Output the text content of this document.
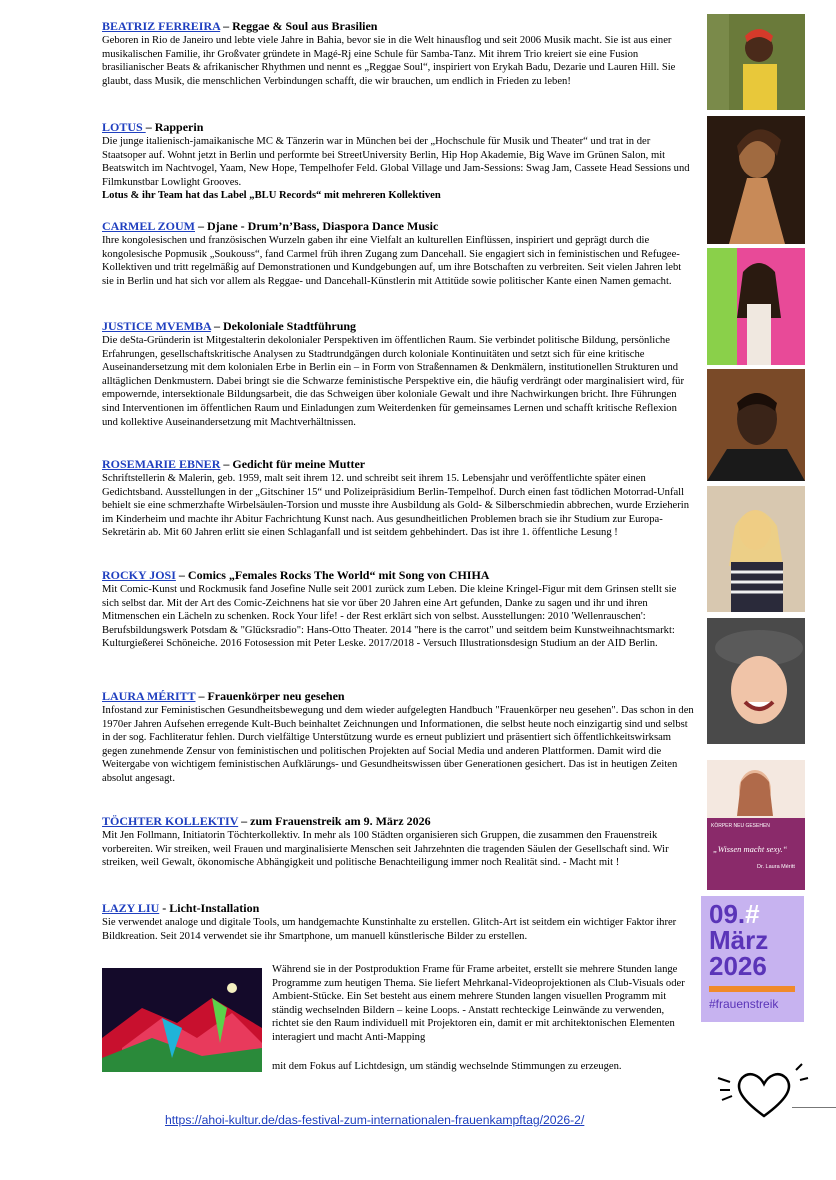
BEATRIZ FERREIRA – Reggae & Soul aus Brasilien

Geboren in Rio de Janeiro und lebte viele Jahre in Bahia, bevor sie in die Welt hinausflog und seit 2006 Musik macht. Sie ist aus einer musikalischen Familie, ihr Großvater gründete in Magé-Rj eine Schule für Samba-Tanz. Mit ihrem Trio kreiert sie eine Fusion brasilianischer Beats & afrikanischer Rhythmen und nennt es „Reggae Soul“, inspiriert von Erykah Badu, Dezarie und Lauren Hill. Sie glaubt, dass Musik, die menschlichen Verbindungen schafft, die wir brauchen, um endlich in Frieden zu leben!

LOTUS – Rapperin

Die junge italienisch-jamaikanische MC & Tänzerin war in München bei der „Hochschule für Musik und Theater“ und trat in der Staatsoper auf. Wohnt jetzt in Berlin und performte bei StreetUniversity Berlin, Hip Hop Akademie, Big Wave im Grünen Salon, mit Beatswitch im Nachtvogel, Yaam, New Hope, Tempelhofer Feld. Global Village und Jam-Sessions: Swag Jam, Cassete Head Sessions und Filmkunstbar Lowlight Grooves.

Lotus & ihr Team hat das Label „BLU Records“ mit mehreren Kollektiven

CARMEL ZOUM – Djane - Drum’n’Bass, Diaspora Dance Music

Ihre kongolesischen und französischen Wurzeln gaben ihr eine Vielfalt an kulturellen Einflüssen, inspiriert und geprägt durch die kongolesische Popmusik „Soukouss“, fand Carmel früh ihren Zugang zum Dancehall. Sie engagiert sich in feministischen und Refugee-Kollektiven und tritt regelmäßig auf Demonstrationen und Kundgebungen auf, um ihre Botschaften zu verbreiten. Seit vielen Jahren lebt sie in Berlin und hat sich vor allem als Reggae- und Dancehall-Künstlerin mit Attitüde sowie politischer Kante einen Namen gemacht.

JUSTICE MVEMBA – Dekoloniale Stadtführung

Die deSta-Gründerin ist Mitgestalterin dekolonialer Perspektiven im öffentlichen Raum. Sie verbindet politische Bildung, persönliche Erfahrungen, gesellschaftskritische Analysen zu Stadtrundgängen durch koloniale Kontinuitäten und setzt sich für eine kritische Auseinandersetzung mit dem kolonialen Erbe in Berlin ein – in Form von Straßennamen & Denkmälern, institutionellen Strukturen und alltäglichen Denkmustern. Dabei bringt sie die Schwarze feministische Perspektive ein, die häufig verdrängt oder marginalisiert wird, für empowernde, intersektionale Bildungsarbeit, die das Schweigen über koloniale Gewalt und ihre Nachwirkungen bricht. Ihre Führungen sind Interventionen im öffentlichen Raum und Einladungen zum Weiterdenken für gemeinsames Lernen und schafft kritische Reflexion und kollektive Auseinandersetzung mit Machtverhältnissen.

ROSEMARIE EBNER – Gedicht für meine Mutter

Schriftstellerin & Malerin, geb. 1959, malt seit ihrem 12. und schreibt seit ihrem 15. Lebensjahr und veröffentlichte später einen Gedichtsband. Ausstellungen in der „Gitschiner 15“ und Polizeipräsidium Berlin-Tempelhof. Durch einen fast tödlichen Motorrad-Unfall behielt sie eine schmerzhafte Wirbelsäulen-Torsion und musste ihre Ausbildung als Gold- & Silberschmiedin abbrechen, wurde Erzieherin im Kinderheim und machte ihr Abitur Fachrichtung Kunst nach. Aus gesundheitlichen Problemen brach sie ihr Studium zur Europa-Sekretärin ab. Mit 60 Jahren erlitt sie einen Schlaganfall und ist seitdem gehbehindert. Das ist ihre 1. öffentliche Lesung !

ROCKY JOSI – Comics „Females Rocks The World“ mit Song von CHIHA

Mit Comic-Kunst und Rockmusik fand Josefine Nulle seit 2001 zurück zum Leben. Die kleine Kringel-Figur mit dem Grinsen stellt sie sich selbst dar. Mit der Art des Comic-Zeichnens hat sie vor über 20 Jahren eine Art gefunden, Danke zu sagen und ihr und ihren Mitmenschen ein Lächeln zu schenken. Rock Your life! - der Rest erklärt sich von selbst. Ausstellungen: 2010 'Wellenrauschen': Berufsbildungswerk Potsdam & "Glücksradio": Hans-Otto Theater. 2014 "here is the carrot" und seitdem beim Kunstweihnachtsmarkt: Kulturgießerei Schöneiche. 2016 Fotosession mit Peter Leske. 2017/2018 - Versuch Illustrationsdesign Studium an der AID Berlin.

LAURA MÉRITT – Frauenkörper neu gesehen

Infostand zur Feministischen Gesundheitsbewegung und dem wieder aufgelegten Handbuch "Frauenkörper neu gesehen". Das schon in den 1970er Jahren Aufsehen erregende Kult-Buch beinhaltet Zeichnungen und Informationen, die selbst heute noch einzigartig sind und selbst in der sog. Fachliteratur fehlen. Durch vielfältige Unterstützung wurde es erneut publiziert und präsentiert sich öffentlichkeitswirksam gegen zunehmende Zensur von feministischen und politischen Projekten auf Social Media und anderen Plattformen. Damit wird die Weitergabe von wichtigem feministischen Aufklärungs- und Gesundheitswissen über Generationen gesichert. Das ist in heutigen Zeiten absolut angesagt.

TÖCHTER KOLLEKTIV – zum Frauenstreik am 9. März 2026

Mit Jen Follmann, Initiatorin Töchterkollektiv. In mehr als 100 Städten organisieren sich Gruppen, die zusammen den Frauenstreik vorbereiten. Wir streiken, weil Frauen und marginalisierte Menschen seit Jahrzehnten die tragenden Säulen der Gesellschaft sind. Wir streiken, weil Gewalt, ökonomische Abhängigkeit und politische Benachteiligung immer noch Realität sind. - Macht mit !

LAZY LIU - Licht-Installation

Sie verwendet analoge und digitale Tools, um handgemachte Kunstinhalte zu erstellen. Glitch-Art ist seitdem ein wichtiger Faktor ihrer Bildkreation. Seit 2014 verwendet sie ihr Smartphone, um manuell künstlerische Bilder zu erstellen.

Während sie in der Postproduktion Frame für Frame arbeitet, erstellt sie mehrere Stunden lange Programme zum heutigen Thema. Sie liefert Mehrkanal-Videoprojektionen als Club-Visuals oder Ambient-Stücke. Ein Set besteht aus einem mehrere Stunden langen visuellen Programm mit ständig wechselnden Bildern – keine Loops. - Anstatt rechteckige Leinwände zu verwenden, richtet sie den Raum individuell mit Projektoren ein, damit er mit architektonischen Elementen interagiert und macht Anti-Mapping

mit dem Fokus auf Lichtdesign, um ständig wechselnde Stimmungen zu erzeugen.

KÖRPER NEU GESEHEN
„Wissen macht sexy.“
Dr. Laura Méritt
09.#
März
2026
#frauenstreik
https://ahoi-kultur.de/das-festival-zum-internationalen-frauenkampftag/2026-2/
